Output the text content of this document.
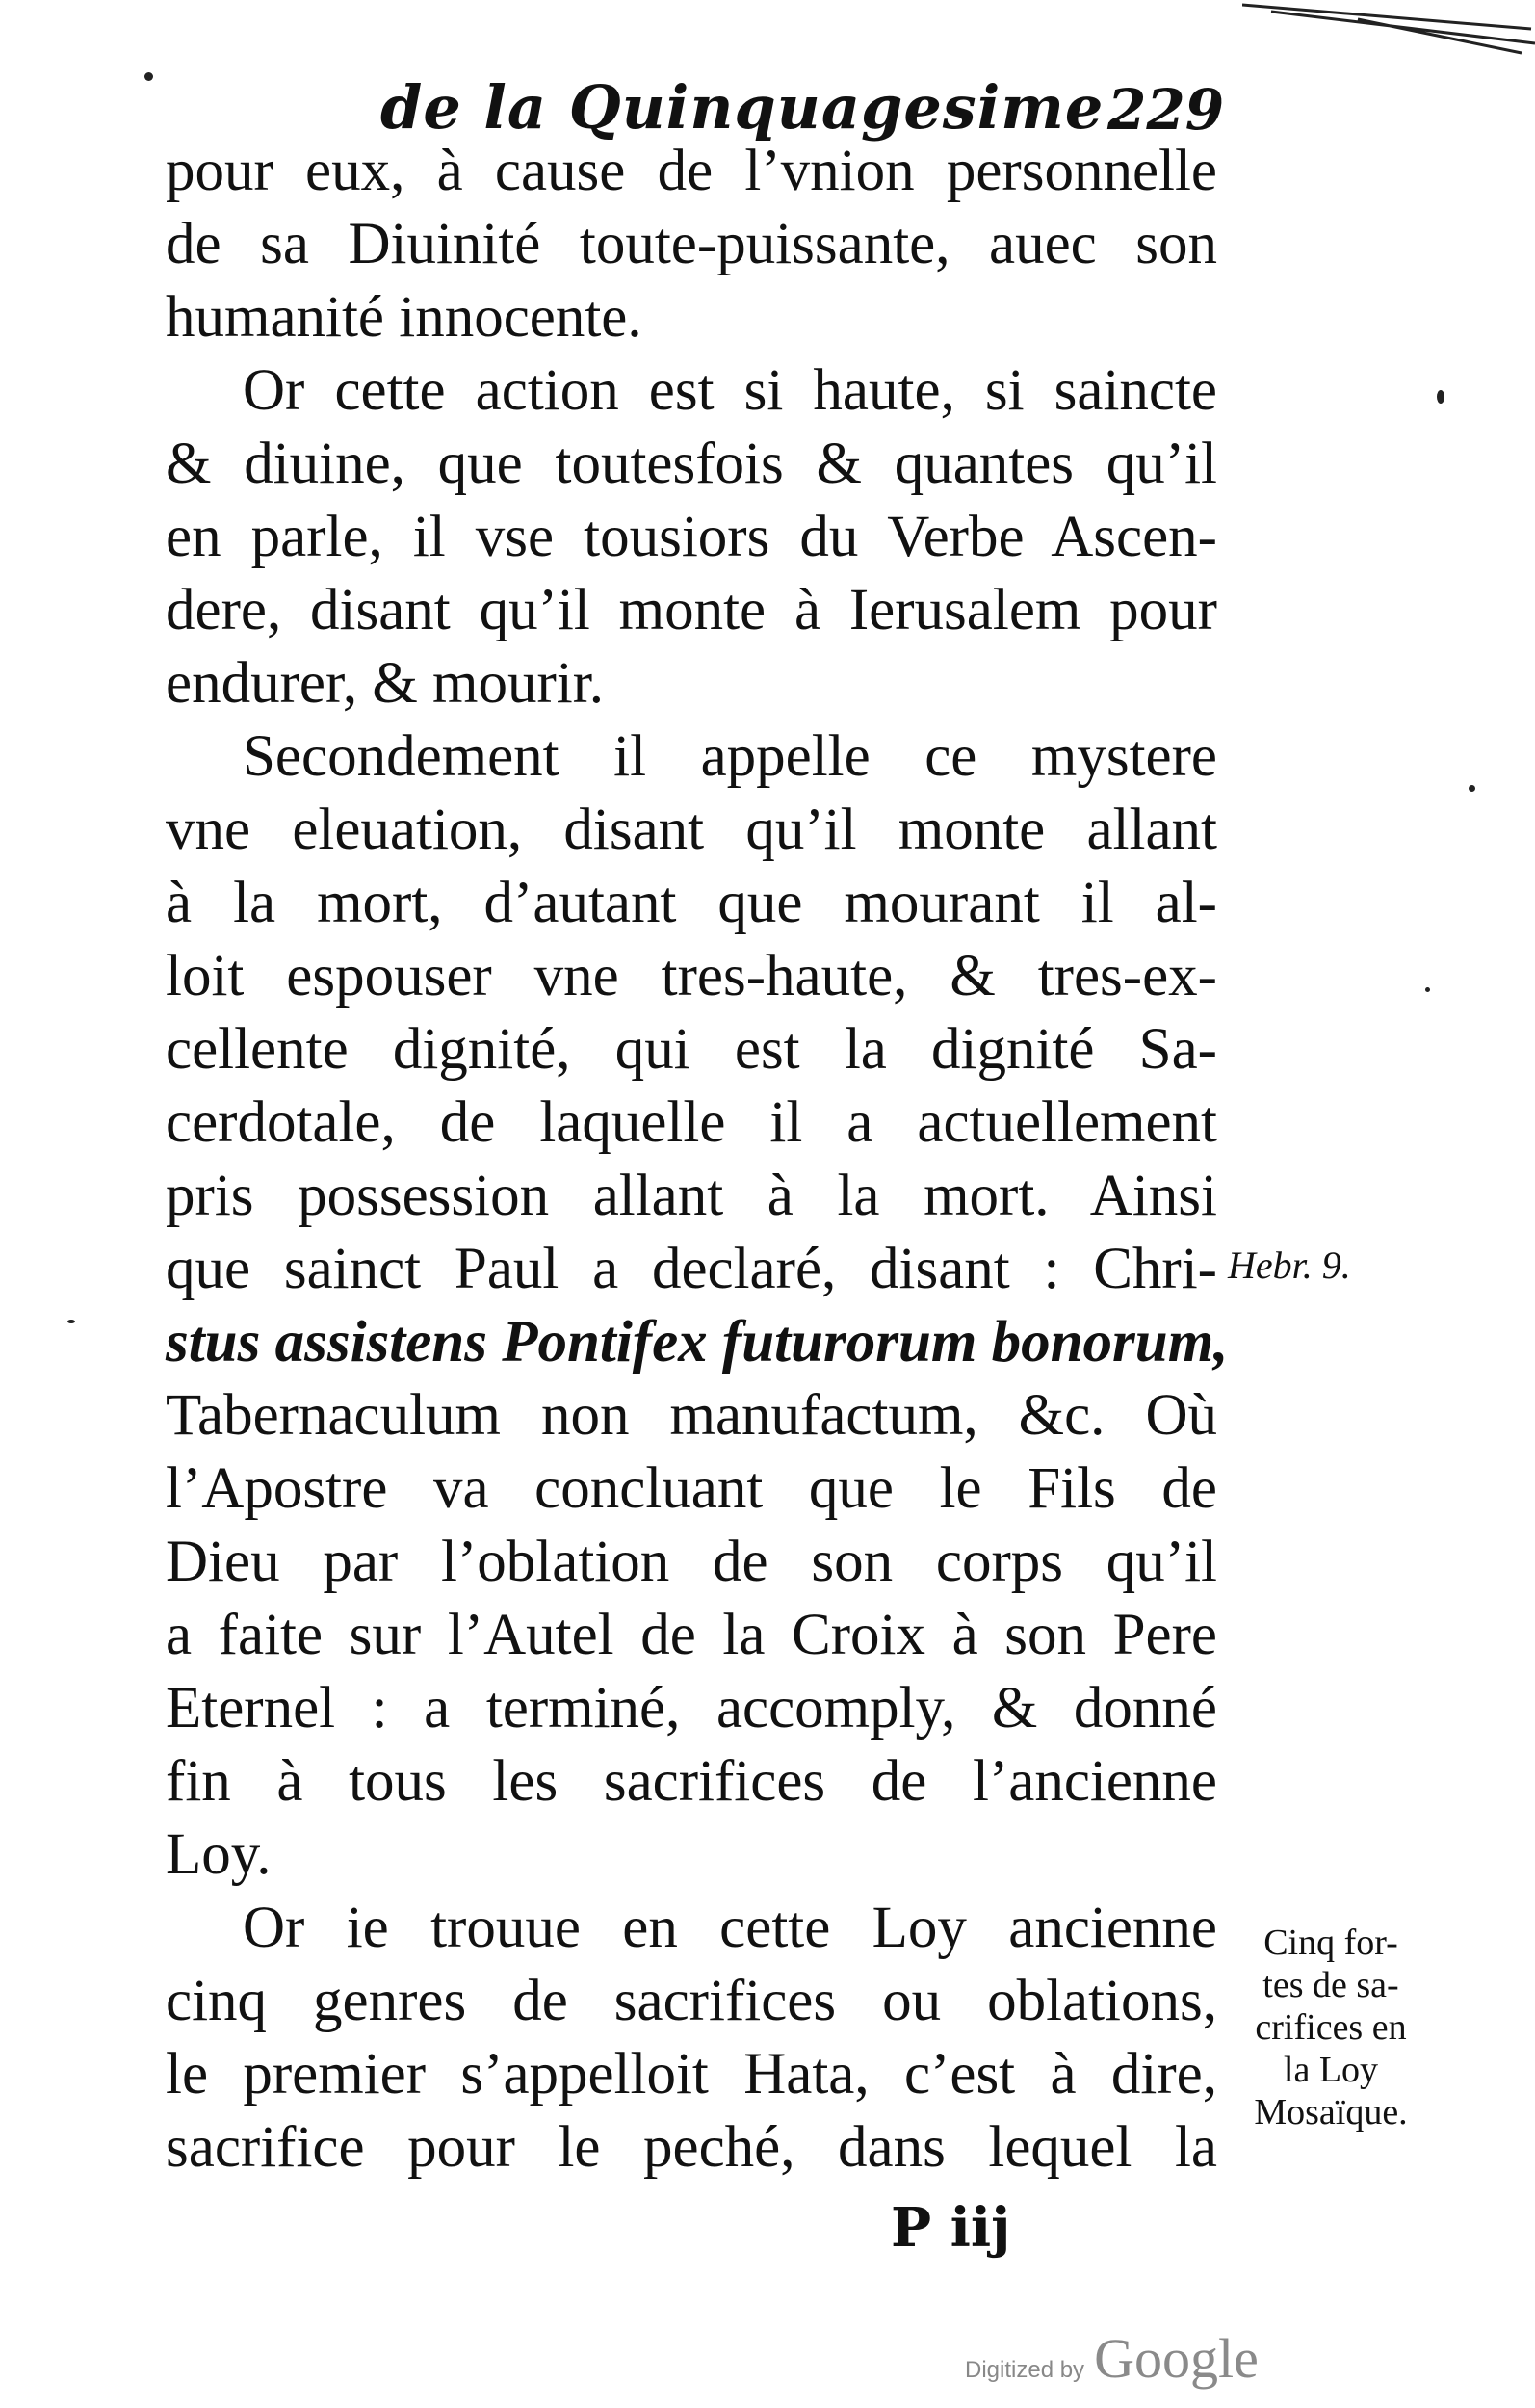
de la Quinquagesime.
229
pour eux, à cause de l’vnion personnelle
de sa Diuinité toute-puissante, auec son
humanité innocente.
Or cette action est si haute, si saincte
& diuine, que toutesfois & quantes qu’il
en parle, il vse tousiors du Verbe Ascen-
dere, disant qu’il monte à Ierusalem pour
endurer, & mourir.
Secondement il appelle ce mystere
vne eleuation, disant qu’il monte allant
à la mort, d’autant que mourant il al-
loit espouser vne tres-haute, & tres-ex-
cellente dignité, qui est la dignité Sa-
cerdotale, de laquelle il a actuellement
pris possession allant à la mort. Ainsi
que sainct Paul a declaré, disant : Chri-
stus assistens Pontifex futurorum bonorum,
Tabernaculum non manufactum, &c. Où
l’Apostre va concluant que le Fils de
Dieu par l’oblation de son corps qu’il
a faite sur l’Autel de la Croix à son Pere
Eternel : a terminé, accomply, & donné
fin à tous les sacrifices de l’ancienne
Loy.
Or ie trouue en cette Loy ancienne
cinq genres de sacrifices ou oblations,
le premier s’appelloit Hata, c’est à dire,
sacrifice pour le peché, dans lequel la
Hebr. 9.
Cinq for-
tes de sa-
crifices en
la Loy
Mosaïque.
P iij
Digitized by Google
